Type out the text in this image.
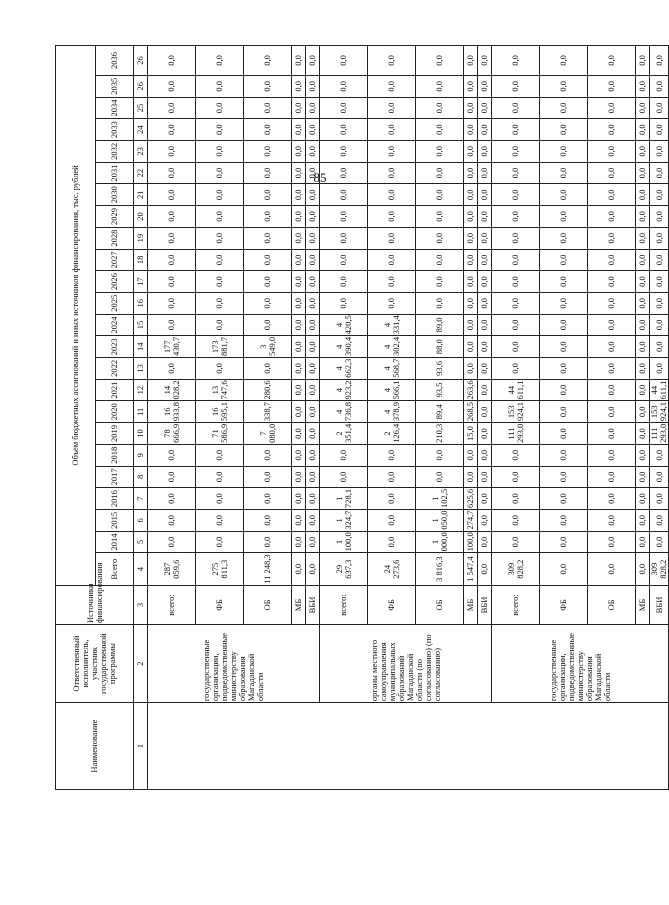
85
Наименование	Ответственный исполнитель, участник государственной программы	Источники финансирования	Объем бюджетных ассигнований и иных источников финансирования, тыс. рублей																							
			Всего	2014	2015	2016	2017	2018	2019	2020	2021	2022	2023	2024	2025	2026	2027	2028	2029	2030	2031	2032	2033	2034	2035	2036
1	2	3	4	5	6	7	8	9	10	11	12	13	14	15	16	17	18	19	20	21	22	23	24	25	26	26
	государственные организации, подведомственные министерству образования Магаданской области	всего:	287 059,6	0,0	0,0	0,0	0,0	0,0	78 666,9	16 933,8	14 028,2	0,0	177 430,7	0,0	0,0	0,0	0,0	0,0	0,0	0,0	0,0	0,0	0,0	0,0	0,0	0,0
		ФБ	275 811,3	0,0	0,0	0,0	0,0	0,0	71 586,9	16 595,1	13 747,6	0,0	173 881,7	0,0	0,0	0,0	0,0	0,0	0,0	0,0	0,0	0,0	0,0	0,0	0,0	0,0
		ОБ	11 248,3	0,0	0,0	0,0	0,0	0,0	7 080,0	338,7	280,6	0,0	3 549,0	0,0	0,0	0,0	0,0	0,0	0,0	0,0	0,0	0,0	0,0	0,0	0,0	0,0
		МБ	0,0	0,0	0,0	0,0	0,0	0,0	0,0	0,0	0,0	0,0	0,0	0,0	0,0	0,0	0,0	0,0	0,0	0,0	0,0	0,0	0,0	0,0	0,0	0,0
		ВБИ	0,0	0,0	0,0	0,0	0,0	0,0	0,0	0,0	0,0	0,0	0,0	0,0	0,0	0,0	0,0	0,0	0,0	0,0	0,0	0,0	0,0	0,0	0,0	0,0
	органы местного самоуправления муниципальных образований Магаданской области (по согласованию) (по согласованию)	всего:	29 637,3	1 100,0	1 324,7	1 728,1	0,0	0,0	2 351,4	4 736,8	4 923,2	4 662,3	4 390,4	4 420,5	0,0	0,0	0,0	0,0	0,0	0,0	0,0	0,0	0,0	0,0	0,0	0,0
		ФБ	24 273,6	0,0	0,0	0,0	0,0	0,0	2 126,4	4 378,9	4 566,1	4 568,7	4 302,4	4 331,4	0,0	0,0	0,0	0,0	0,0	0,0	0,0	0,0	0,0	0,0	0,0	0,0
		ОБ	3 816,3	1 000,0	1 050,0	1 102,5	0,0	0,0	210,3	89,4	93,5	93,6	88,0	89,0	0,0	0,0	0,0	0,0	0,0	0,0	0,0	0,0	0,0	0,0	0,0	0,0
		МБ	1 547,4	100,0	274,7	625,6	0,0	0,0	15,0	268,5	263,6	0,0	0,0	0,0	0,0	0,0	0,0	0,0	0,0	0,0	0,0	0,0	0,0	0,0	0,0	0,0
		ВБИ	0,0	0,0	0,0	0,0	0,0	0,0	0,0	0,0	0,0	0,0	0,0	0,0	0,0	0,0	0,0	0,0	0,0	0,0	0,0	0,0	0,0	0,0	0,0	0,0
	государственные организации, подведомственные министерству образования Магаданской области	всего:	309 828,2	0,0	0,0	0,0	0,0	0,0	111 293,0	153 924,1	44 611,1	0,0	0,0	0,0	0,0	0,0	0,0	0,0	0,0	0,0	0,0	0,0	0,0	0,0	0,0	0,0
		ФБ	0,0	0,0	0,0	0,0	0,0	0,0	0,0	0,0	0,0	0,0	0,0	0,0	0,0	0,0	0,0	0,0	0,0	0,0	0,0	0,0	0,0	0,0	0,0	0,0
		ОБ	0,0	0,0	0,0	0,0	0,0	0,0	0,0	0,0	0,0	0,0	0,0	0,0	0,0	0,0	0,0	0,0	0,0	0,0	0,0	0,0	0,0	0,0	0,0	0,0
		МБ	0,0	0,0	0,0	0,0	0,0	0,0	0,0	0,0	0,0	0,0	0,0	0,0	0,0	0,0	0,0	0,0	0,0	0,0	0,0	0,0	0,0	0,0	0,0	0,0
		ВБИ	309 828,2	0,0	0,0	0,0	0,0	0,0	111 293,0	153 924,1	44 611,1	0,0	0,0	0,0	0,0	0,0	0,0	0,0	0,0	0,0	0,0	0,0	0,0	0,0	0,0	0,0
